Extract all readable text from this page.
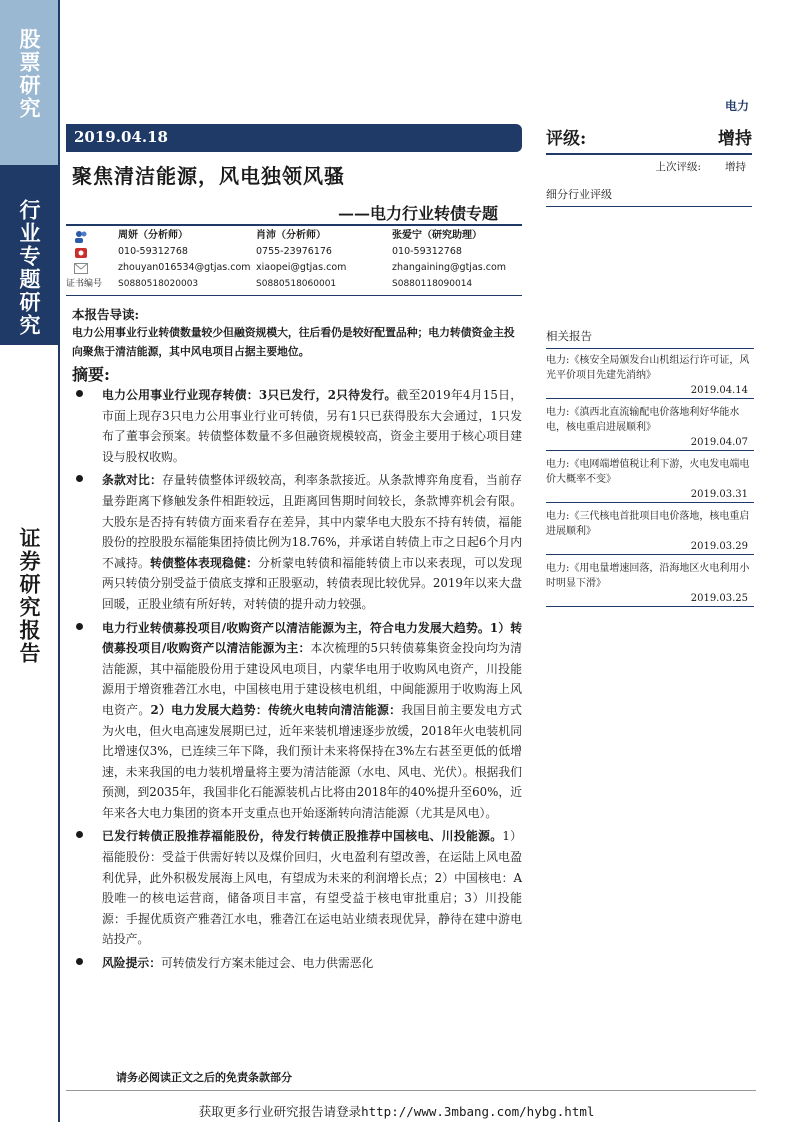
股票研究
行业专题研究
证券研究报告
电力
2019.04.18
聚焦清洁能源，风电独领风骚
——电力行业转债专题
评级:	增持
上次评级: 增持
细分行业评级
证书编号
周妍（分析师）
010-59312768
zhouyan016534@gtjas.com
S0880518020003
肖沛（分析师）
0755-23976176
xiaopei@gtjas.com
S0880518060001
张爱宁（研究助理）
010-59312768
zhangaining@gtjas.com
S0880118090014
本报告导读:
电力公用事业行业转债数量较少但融资规模大，往后看仍是较好配置品种；电力转债资金主投向聚焦于清洁能源，其中风电项目占据主要地位。
摘要:
电力公用事业行业现存转债：3只已发行，2只待发行。截至2019年4月15日，市面上现存3只电力公用事业行业可转债，另有1只已获得股东大会通过，1只发布了董事会预案。转债整体数量不多但融资规模较高，资金主要用于核心项目建设与股权收购。
条款对比：存量转债整体评级较高，利率条款接近。从条款博弈角度看，当前存量券距离下修触发条件相距较远，且距离回售期时间较长，条款博弈机会有限。大股东是否持有转债方面来看存在差异，其中内蒙华电大股东不持有转债，福能股份的控股股东福能集团持债比例为18.76%，并承诺自转债上市之日起6个月内不减持。转债整体表现稳健：分析蒙电转债和福能转债上市以来表现，可以发现两只转债分别受益于债底支撑和正股驱动，转债表现比较优异。2019年以来大盘回暖，正股业绩有所好转，对转债的提升动力较强。
电力行业转债募投项目/收购资产以清洁能源为主，符合电力发展大趋势。1）转债募投项目/收购资产以清洁能源为主：本次梳理的5只转债募集资金投向均为清洁能源，其中福能股份用于建设风电项目，内蒙华电用于收购风电资产，川投能源用于增资雅砻江水电，中国核电用于建设核电机组，中闽能源用于收购海上风电资产。2）电力发展大趋势：传统火电转向清洁能源：我国目前主要发电方式为火电，但火电高速发展期已过，近年来装机增速逐步放缓，2018年火电装机同比增速仅3%，已连续三年下降，我们预计未来将保持在3%左右甚至更低的低增速，未来我国的电力装机增量将主要为清洁能源（水电、风电、光伏）。根据我们预测，到2035年，我国非化石能源装机占比将由2018年的40%提升至60%，近年来各大电力集团的资本开支重点也开始逐渐转向清洁能源（尤其是风电）。
已发行转债正股推荐福能股份，待发行转债正股推荐中国核电、川投能源。1）福能股份：受益于供需好转以及煤价回归，火电盈利有望改善，在运陆上风电盈利优异，此外积极发展海上风电，有望成为未来的利润增长点；2）中国核电：A股唯一的核电运营商，储备项目丰富，有望受益于核电审批重启；3）川投能源：手握优质资产雅砻江水电，雅砻江在运电站业绩表现优异，静待在建中游电站投产。
风险提示：可转债发行方案未能过会、电力供需恶化
相关报告
电力:《核安全局颁发台山机组运行许可证，风光平价项目先建先消纳》
2019.04.14
电力:《滇西北直流输配电价落地利好华能水电，核电重启进展顺利》
2019.04.07
电力:《电网端增值税让利下游，火电发电端电价大概率不变》
2019.03.31
电力:《三代核电首批项目电价落地，核电重启进展顺利》
2019.03.29
电力:《用电量增速回落，沿海地区火电利用小时明显下滑》
2019.03.25
请务必阅读正文之后的免责条款部分
获取更多行业研究报告请登录http://www.3mbang.com/hybg.html
